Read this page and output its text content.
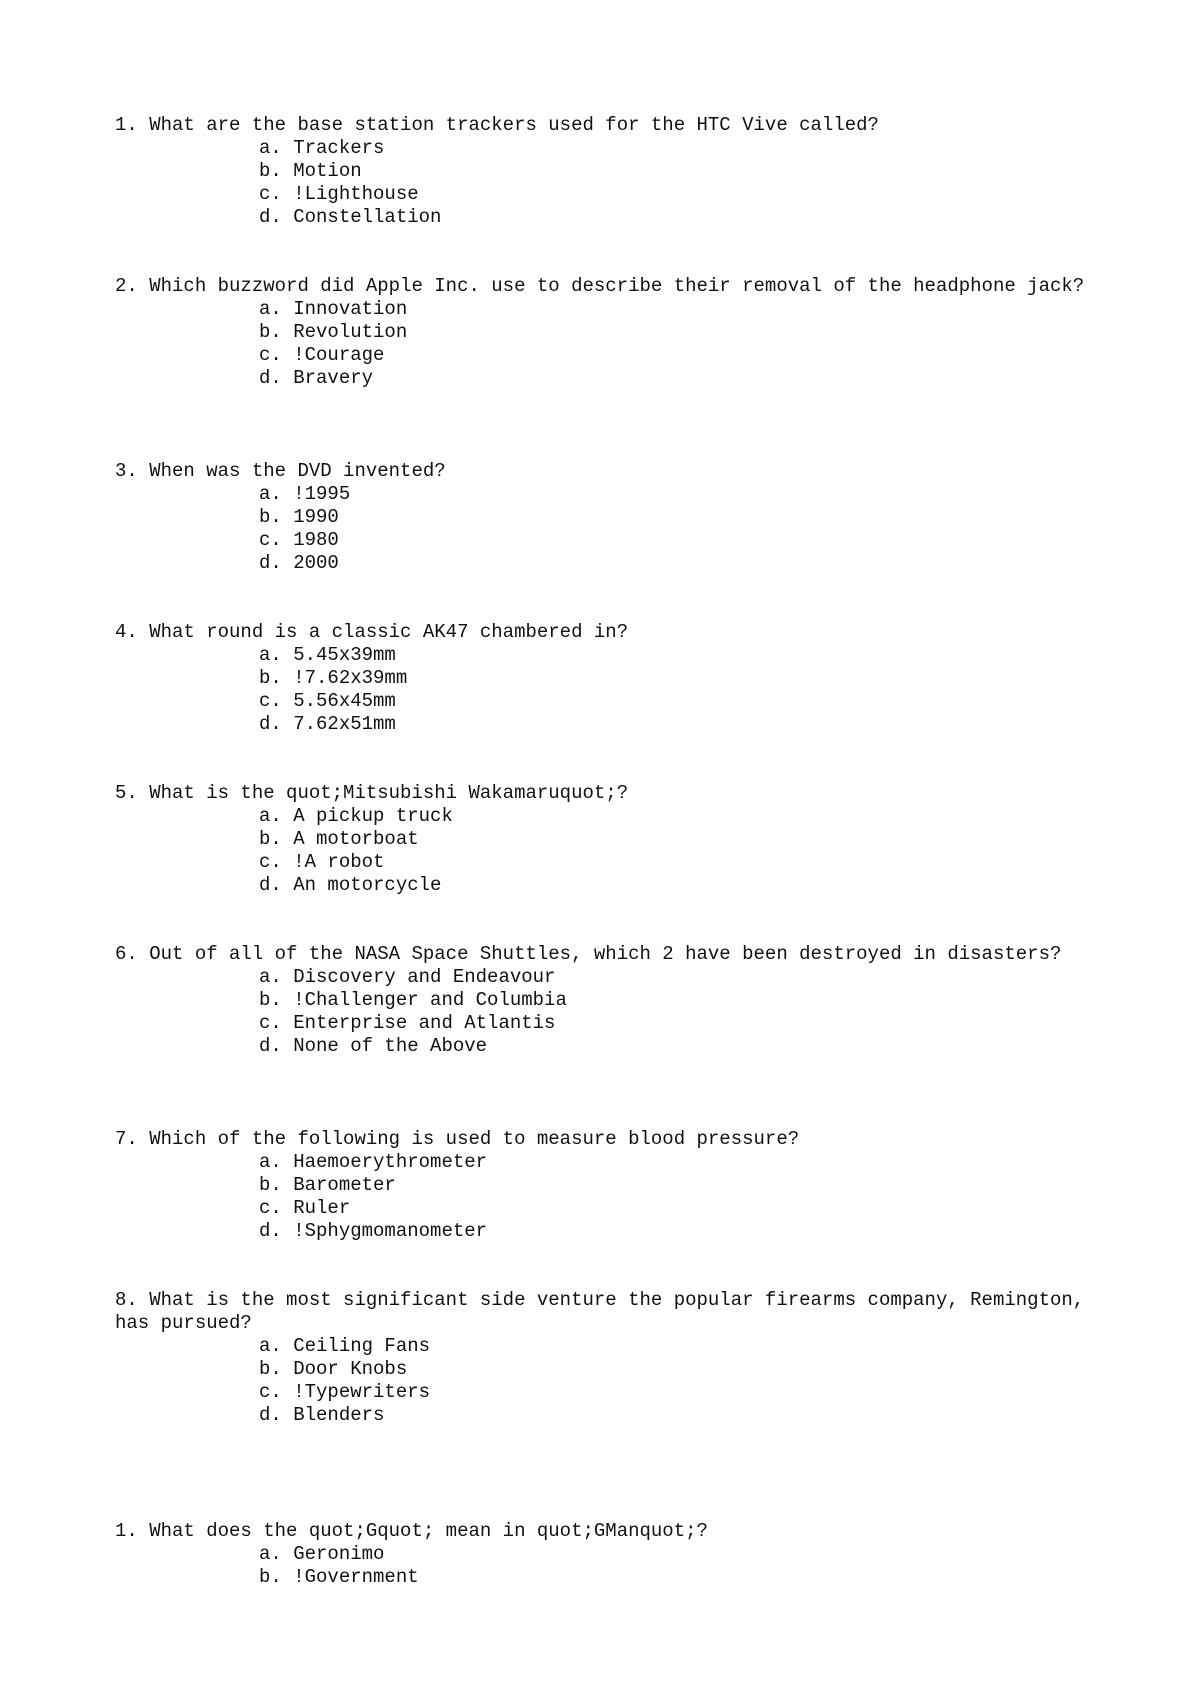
1. What are the base station trackers used for the HTC Vive called?
a. Trackers
b. Motion
c. !Lighthouse
d. Constellation
2. Which buzzword did Apple Inc. use to describe their removal of the headphone jack?
a. Innovation
b. Revolution
c. !Courage
d. Bravery
3. When was the DVD invented?
a. !1995
b. 1990
c. 1980
d. 2000
4. What round is a classic AK47 chambered in?
a. 5.45x39mm
b. !7.62x39mm
c. 5.56x45mm
d. 7.62x51mm
5. What is the quot;Mitsubishi Wakamaruquot;?
a. A pickup truck
b. A motorboat
c. !A robot
d. An motorcycle
6. Out of all of the NASA Space Shuttles, which 2 have been destroyed in disasters?
a. Discovery and Endeavour
b. !Challenger and Columbia
c. Enterprise and Atlantis
d. None of the Above
7. Which of the following is used to measure blood pressure?
a. Haemoerythrometer
b. Barometer
c. Ruler
d. !Sphygmomanometer
8. What is the most significant side venture the popular firearms company, Remington, has pursued?
a. Ceiling Fans
b. Door Knobs
c. !Typewriters
d. Blenders
1. What does the quot;Gquot; mean in quot;GManquot;?
a. Geronimo
b. !Government
